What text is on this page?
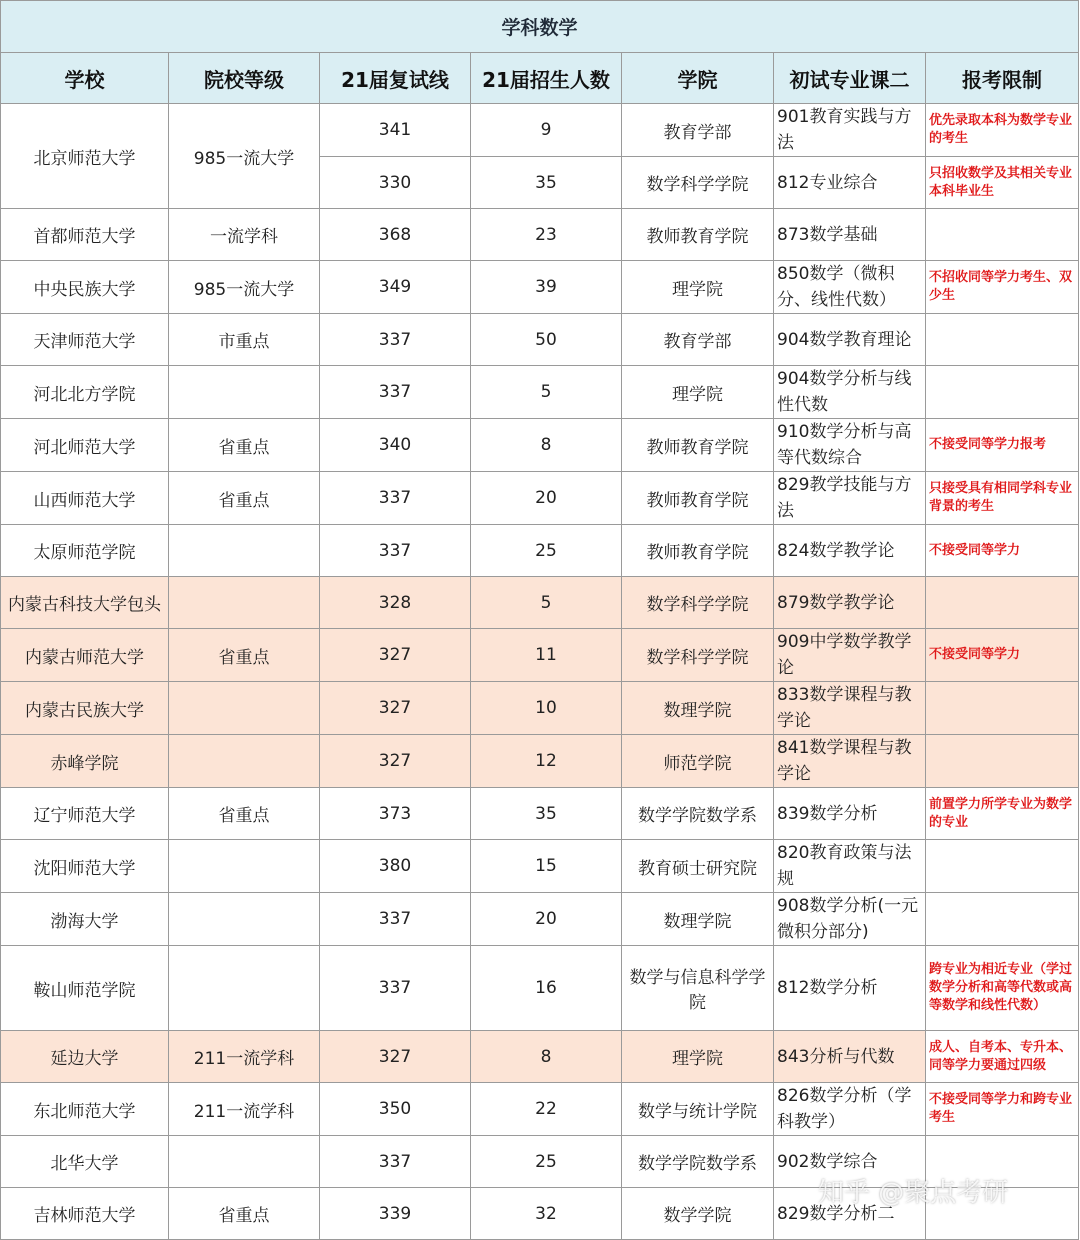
学科数学						
学校	院校等级	21届复试线	21届招生人数	学院	初试专业课二	报考限制
北京师范大学	985一流大学	341	9	教育学部	901教育实践与方法	优先录取本科为数学专业的考生
		330	35	数学科学学院	812专业综合	只招收数学及其相关专业本科毕业生
首都师范大学	一流学科	368	23	教师教育学院	873数学基础	
中央民族大学	985一流大学	349	39	理学院	850数学（微积分、线性代数）	不招收同等学力考生、双少生
天津师范大学	市重点	337	50	教育学部	904数学教育理论	
河北北方学院		337	5	理学院	904数学分析与线性代数	
河北师范大学	省重点	340	8	教师教育学院	910数学分析与高等代数综合	不接受同等学力报考
山西师范大学	省重点	337	20	教师教育学院	829教学技能与方法	只接受具有相同学科专业背景的考生
太原师范学院		337	25	教师教育学院	824数学教学论	不接受同等学力
内蒙古科技大学包头		328	5	数学科学学院	879数学教学论	
内蒙古师范大学	省重点	327	11	数学科学学院	909中学数学教学论	不接受同等学力
内蒙古民族大学		327	10	数理学院	833数学课程与教学论	
赤峰学院		327	12	师范学院	841数学课程与教学论	
辽宁师范大学	省重点	373	35	数学学院数学系	839数学分析	前置学力所学专业为数学的专业
沈阳师范大学		380	15	教育硕士研究院	820教育政策与法规	
渤海大学		337	20	数理学院	908数学分析(一元微积分部分)	
鞍山师范学院		337	16	数学与信息科学学院	812数学分析	跨专业为相近专业（学过数学分析和高等代数或高等数学和线性代数）
延边大学	211一流学科	327	8	理学院	843分析与代数	成人、自考本、专升本、同等学力要通过四级
东北师范大学	211一流学科	350	22	数学与统计学院	826数学分析（学科教学）	不接受同等学力和跨专业考生
北华大学		337	25	数学学院数学系	902数学综合	
吉林师范大学	省重点	339	32	数学学院	829数学分析二	
知乎 @聚点考研
